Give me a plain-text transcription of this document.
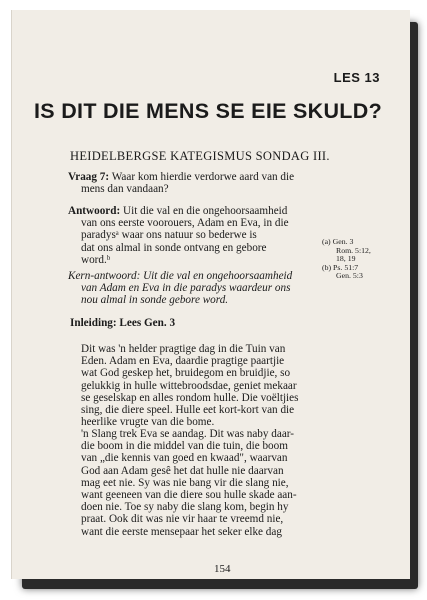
LES 13
IS DIT DIE MENS SE EIE SKULD?
HEIDELBERGSE KATEGISMUS SONDAG III.
Vraag 7: Waar kom hierdie verdorwe aard van die
mens dan vandaan?
Antwoord: Uit die val en die ongehoorsaamheid
van ons eerste voorouers, Adam en Eva, in die
paradysᵃ waar ons natuur so bederwe is
dat ons almal in sonde ontvang en gebore
word.ᵇ
(a) Gen. 3
Rom. 5:12,
18, 19
(b) Ps. 51:7
Gen. 5:3
Kern-antwoord: Uit die val en ongehoorsaamheid
van Adam en Eva in die paradys waardeur ons
nou almal in sonde gebore word.
Inleiding: Lees Gen. 3
Dit was 'n helder pragtige dag in die Tuin van
Eden. Adam en Eva, daardie pragtige paartjie
wat God geskep het, bruidegom en bruidjie, so
gelukkig in hulle wittebroodsdae, geniet mekaar
se geselskap en alles rondom hulle. Die voëltjies
sing, die diere speel. Hulle eet kort-kort van die
heerlike vrugte van die bome.
'n Slang trek Eva se aandag. Dit was naby daar-
die boom in die middel van die tuin, die boom
van „die kennis van goed en kwaad", waarvan
God aan Adam gesê het dat hulle nie daarvan
mag eet nie. Sy was nie bang vir die slang nie,
want geeneen van die diere sou hulle skade aan-
doen nie. Toe sy naby die slang kom, begin hy
praat. Ook dit was nie vir haar te vreemd nie,
want die eerste mensepaar het seker elke dag
154
